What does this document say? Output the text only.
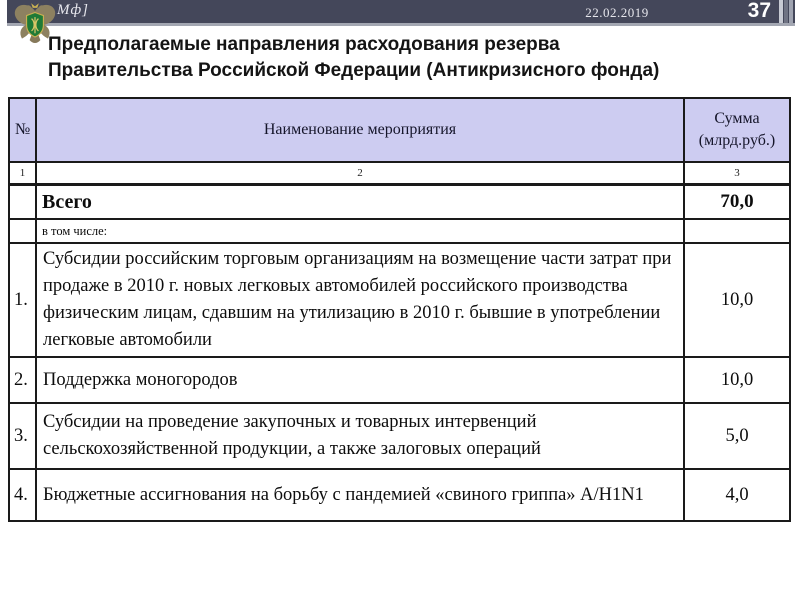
Мф]	22.02.2019	37
Предполагаемые направления расходования резерва
Правительства Российской Федерации (Антикризисного фонда)
№	Наименование мероприятия	Сумма
(млрд.руб.)

1	2	3
	Всего	70,0
	в том числе:	
1.	Субсидии российским торговым организациям на возмещение части затрат при продаже в 2010 г. новых легковых автомобилей российского производства физическим лицам, сдавшим на утилизацию в 2010 г. бывшие в употреблении легковые автомобили	10,0
2.	Поддержка моногородов	10,0
3.	Субсидии на проведение закупочных и товарных интервенций сельскохозяйственной продукции, а также залоговых операций	5,0
4.	Бюджетные ассигнования на борьбу с пандемией «свиного гриппа» A/H1N1	4,0
